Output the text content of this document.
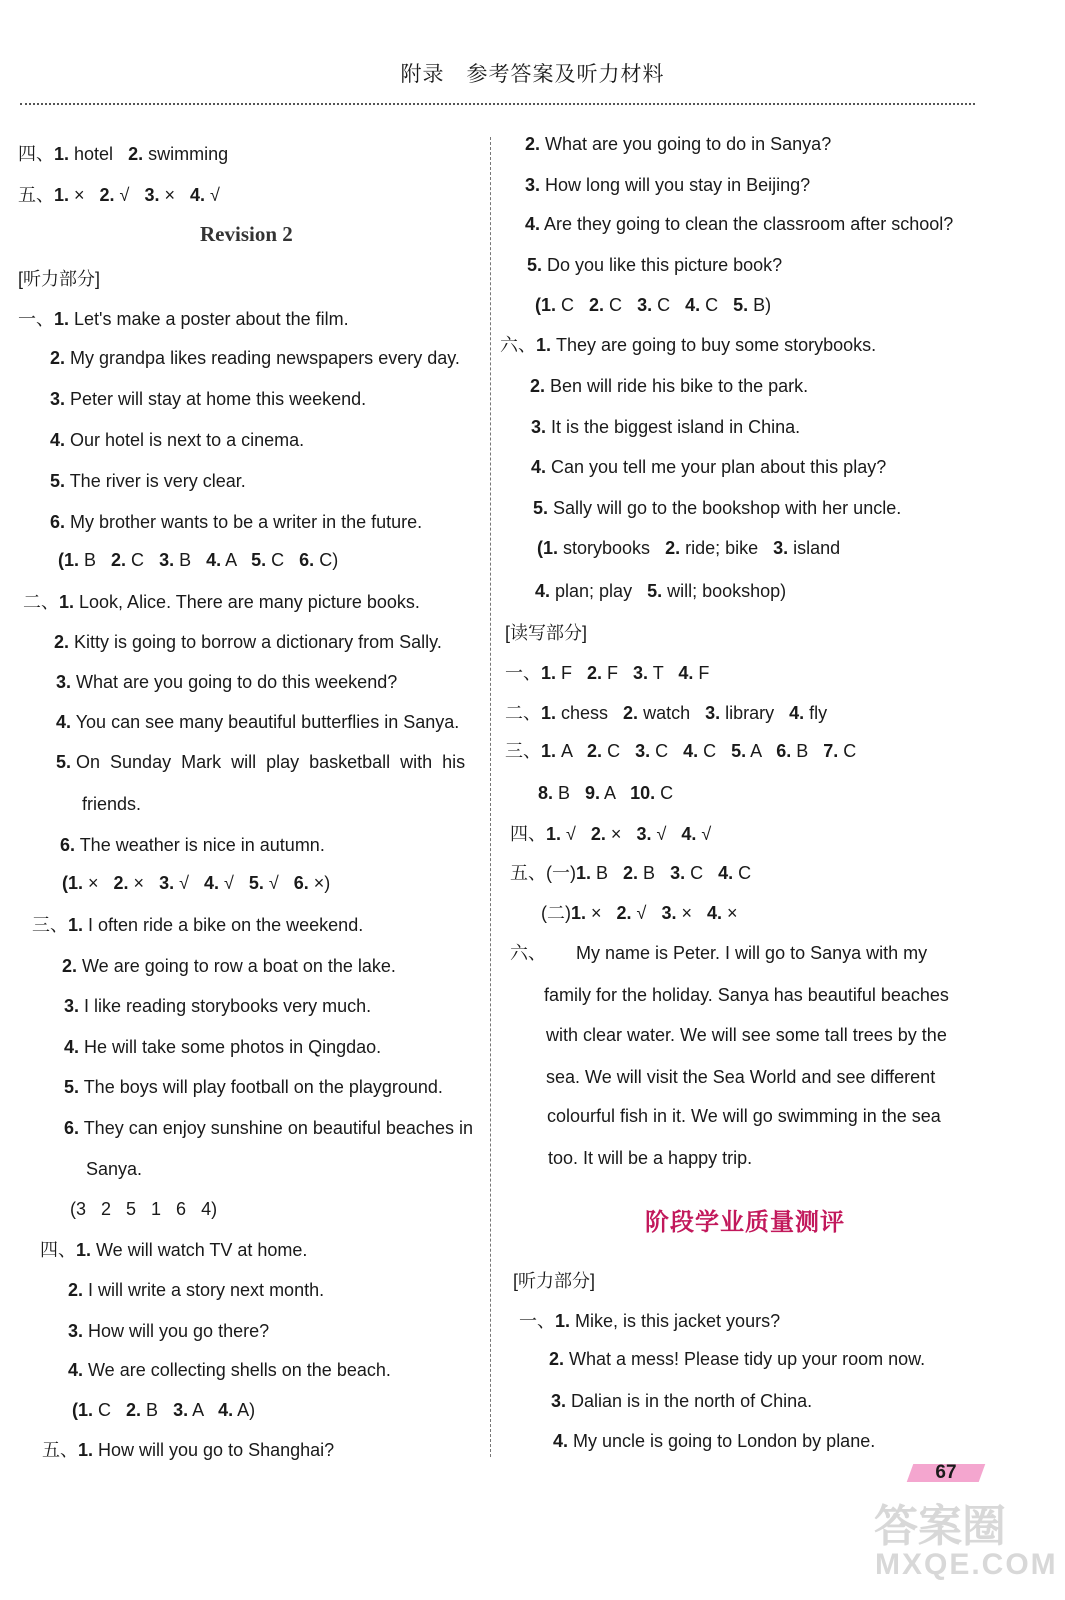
附录 参考答案及听力材料
Revision 2
阶段学业质量测评
四、1. hotel   2. swimming
五、1. ×   2. √   3. ×   4. √
[听力部分]
一、1. Let's make a poster about the film.
2. My grandpa likes reading newspapers every day.
3. Peter will stay at home this weekend.
4. Our hotel is next to a cinema.
5. The river is very clear.
6. My brother wants to be a writer in the future.
(1. B   2. C   3. B   4. A   5. C   6. C)
二、1. Look, Alice. There are many picture books.
2. Kitty is going to borrow a dictionary from Sally.
3. What are you going to do this weekend?
4. You can see many beautiful butterflies in Sanya.
5. On  Sunday  Mark  will  play  basketball  with  his
friends.
6. The weather is nice in autumn.
(1. ×   2. ×   3. √   4. √   5. √   6. ×)
三、1. I often ride a bike on the weekend.
2. We are going to row a boat on the lake.
3. I like reading storybooks very much.
4. He will take some photos in Qingdao.
5. The boys will play football on the playground.
6. They can enjoy sunshine on beautiful beaches in
Sanya.
(3   2   5   1   6   4)
四、1. We will watch TV at home.
2. I will write a story next month.
3. How will you go there?
4. We are collecting shells on the beach.
(1. C   2. B   3. A   4. A)
五、1. How will you go to Shanghai?
2. What are you going to do in Sanya?
3. How long will you stay in Beijing?
4. Are they going to clean the classroom after school?
5. Do you like this picture book?
(1. C   2. C   3. C   4. C   5. B)
六、1. They are going to buy some storybooks.
2. Ben will ride his bike to the park.
3. It is the biggest island in China.
4. Can you tell me your plan about this play?
5. Sally will go to the bookshop with her uncle.
(1. storybooks   2. ride; bike   3. island
4. plan; play   5. will; bookshop)
[读写部分]
一、1. F   2. F   3. T   4. F
二、1. chess   2. watch   3. library   4. fly
三、1. A   2. C   3. C   4. C   5. A   6. B   7. C
8. B   9. A   10. C
四、1. √   2. ×   3. √   4. √
五、(一)1. B   2. B   3. C   4. C
(二)1. ×   2. √   3. ×   4. ×
六、      My name is Peter. I will go to Sanya with my
family for the holiday. Sanya has beautiful beaches
with clear water. We will see some tall trees by the
sea. We will visit the Sea World and see different
colourful fish in it. We will go swimming in the sea
too. It will be a happy trip.
[听力部分]
一、1. Mike, is this jacket yours?
2. What a mess! Please tidy up your room now.
3. Dalian is in the north of China.
4. My uncle is going to London by plane.
67
答案圈
MXQE.COM
